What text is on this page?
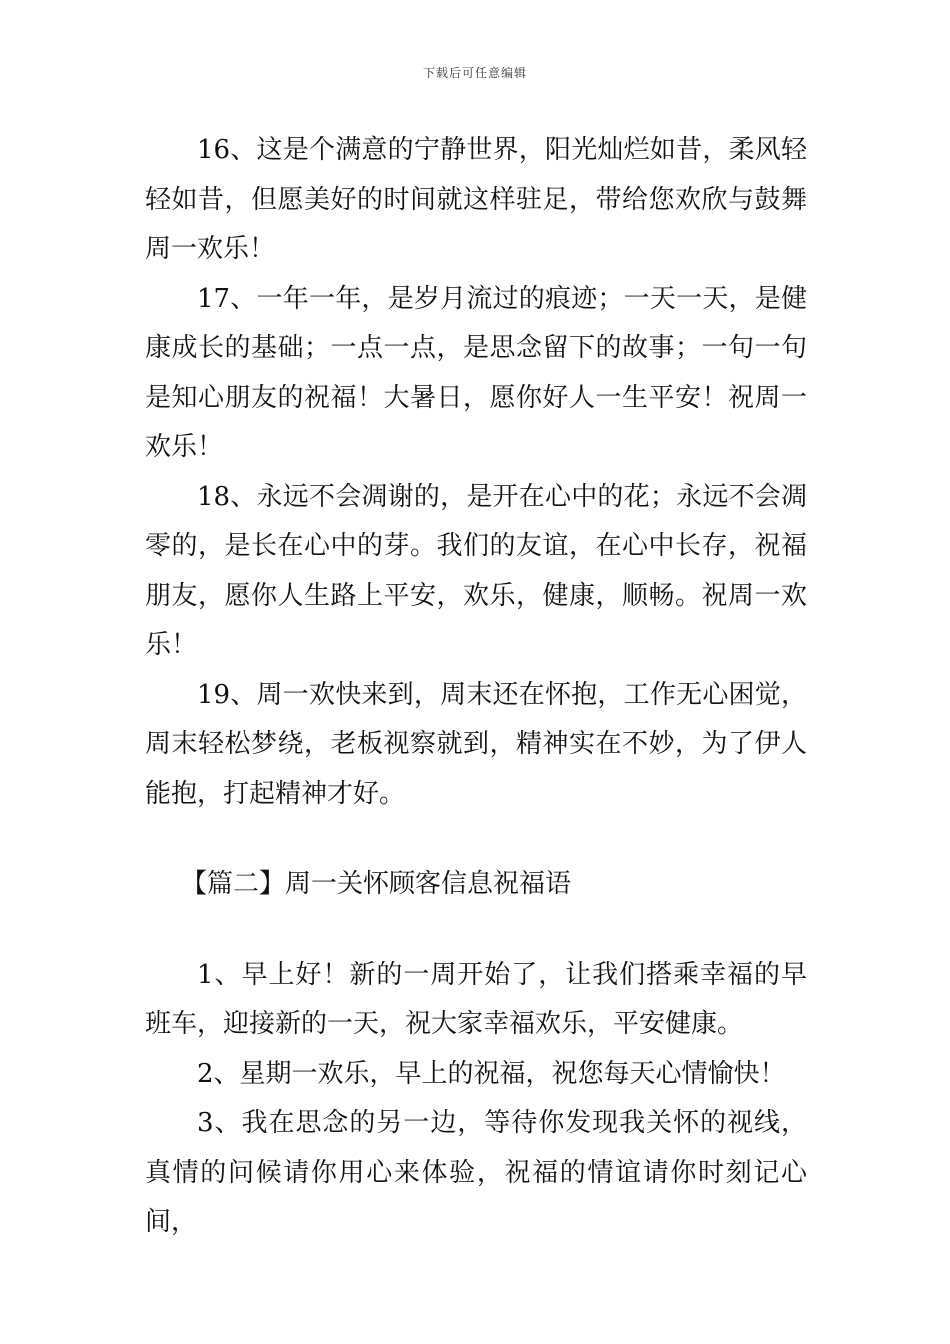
下载后可任意编辑

16、这是个满意的宁静世界，阳光灿烂如昔，柔风轻轻如昔，但愿美好的时间就这样驻足，带给您欢欣与鼓舞周一欢乐！

17、一年一年，是岁月流过的痕迹；一天一天，是健康成长的基础；一点一点，是思念留下的故事；一句一句是知心朋友的祝福！大暑日，愿你好人一生平安！祝周一欢乐！

18、永远不会凋谢的，是开在心中的花；永远不会凋零的，是长在心中的芽。我们的友谊，在心中长存，祝福朋友，愿你人生路上平安，欢乐，健康，顺畅。祝周一欢乐！

19、周一欢快来到，周末还在怀抱，工作无心困觉，周末轻松梦绕，老板视察就到，精神实在不妙，为了伊人能抱，打起精神才好。

【篇二】周一关怀顾客信息祝福语

1、早上好！新的一周开始了，让我们搭乘幸福的早班车，迎接新的一天，祝大家幸福欢乐，平安健康。

2、星期一欢乐，早上的祝福，祝您每天心情愉快！

3、我在思念的另一边，等待你发现我关怀的视线，真情的问候请你用心来体验，祝福的情谊请你时刻记心间，
